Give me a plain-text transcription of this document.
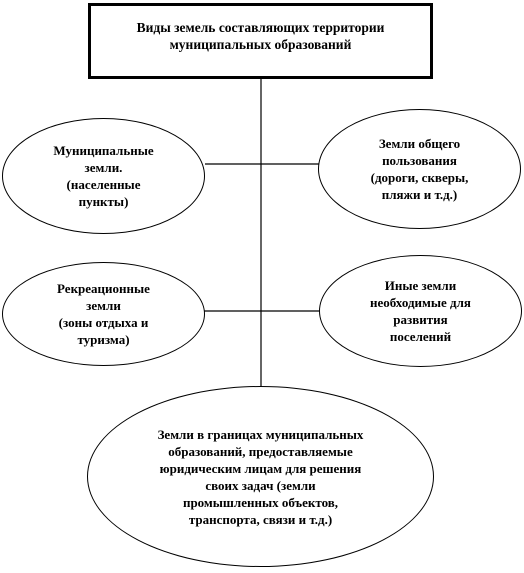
Виды земель составляющих территории муниципальных образований
Муниципальные
земли.
(населенные
пункты)
Земли общего
пользования
(дороги, скверы,
пляжи и т.д.)
Рекреационные
земли
(зоны отдыха и
туризма)
Иные земли
необходимые для
развития
поселений
Земли в границах муниципальных
образований, предоставляемые
юридическим лицам для решения
своих задач (земли
промышленных объектов,
транспорта, связи и т.д.)
